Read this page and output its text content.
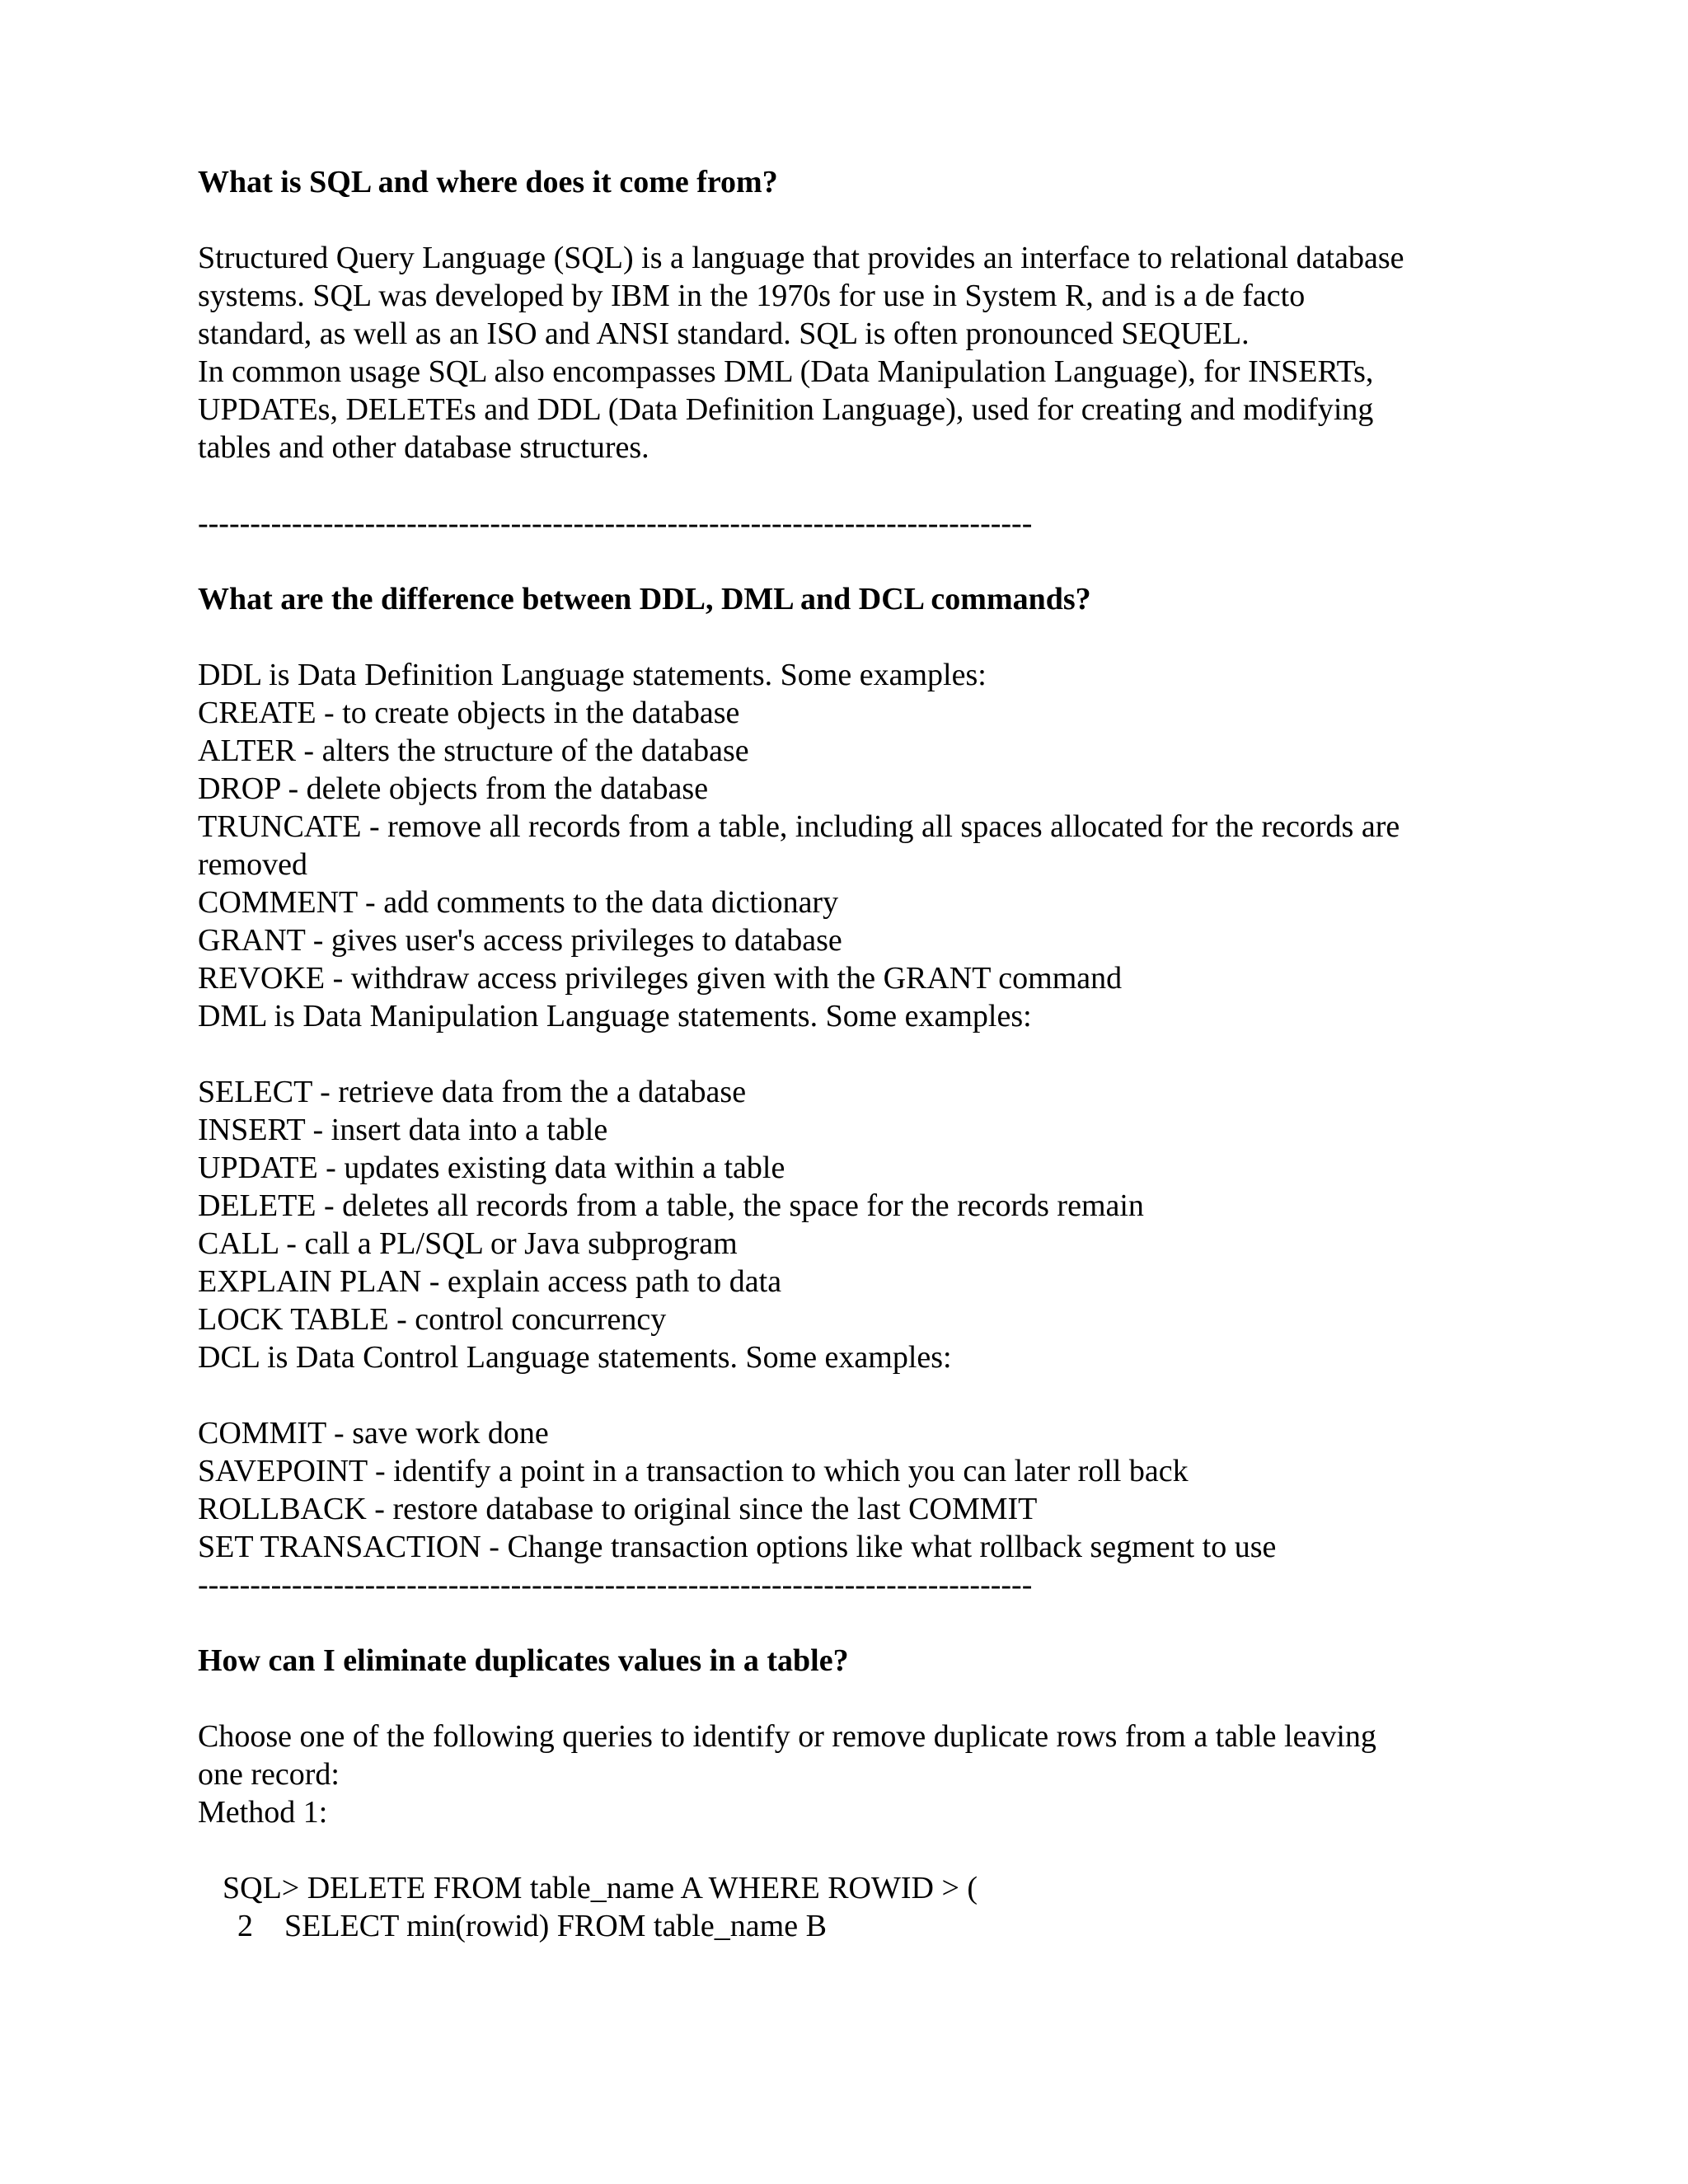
What is SQL and where does it come from?
Structured Query Language (SQL) is a language that provides an interface to relational database
systems. SQL was developed by IBM in the 1970s for use in System R, and is a de facto
standard, as well as an ISO and ANSI standard. SQL is often pronounced SEQUEL.
In common usage SQL also encompasses DML (Data Manipulation Language), for INSERTs,
UPDATEs, DELETEs and DDL (Data Definition Language), used for creating and modifying
tables and other database structures.
--------------------------------------------------------------------------------
What are the difference between DDL, DML and DCL commands?
DDL is Data Definition Language statements. Some examples:
CREATE - to create objects in the database
ALTER - alters the structure of the database
DROP - delete objects from the database
TRUNCATE - remove all records from a table, including all spaces allocated for the records are
removed
COMMENT - add comments to the data dictionary
GRANT - gives user's access privileges to database
REVOKE - withdraw access privileges given with the GRANT command
DML is Data Manipulation Language statements. Some examples:
SELECT - retrieve data from the a database
INSERT - insert data into a table
UPDATE - updates existing data within a table
DELETE - deletes all records from a table, the space for the records remain
CALL - call a PL/SQL or Java subprogram
EXPLAIN PLAN - explain access path to data
LOCK TABLE - control concurrency
DCL is Data Control Language statements. Some examples:
COMMIT - save work done
SAVEPOINT - identify a point in a transaction to which you can later roll back
ROLLBACK - restore database to original since the last COMMIT
SET TRANSACTION - Change transaction options like what rollback segment to use
--------------------------------------------------------------------------------
How can I eliminate duplicates values in a table?
Choose one of the following queries to identify or remove duplicate rows from a table leaving
one record:
Method 1:
SQL> DELETE FROM table_name A WHERE ROWID > (
2    SELECT min(rowid) FROM table_name B
